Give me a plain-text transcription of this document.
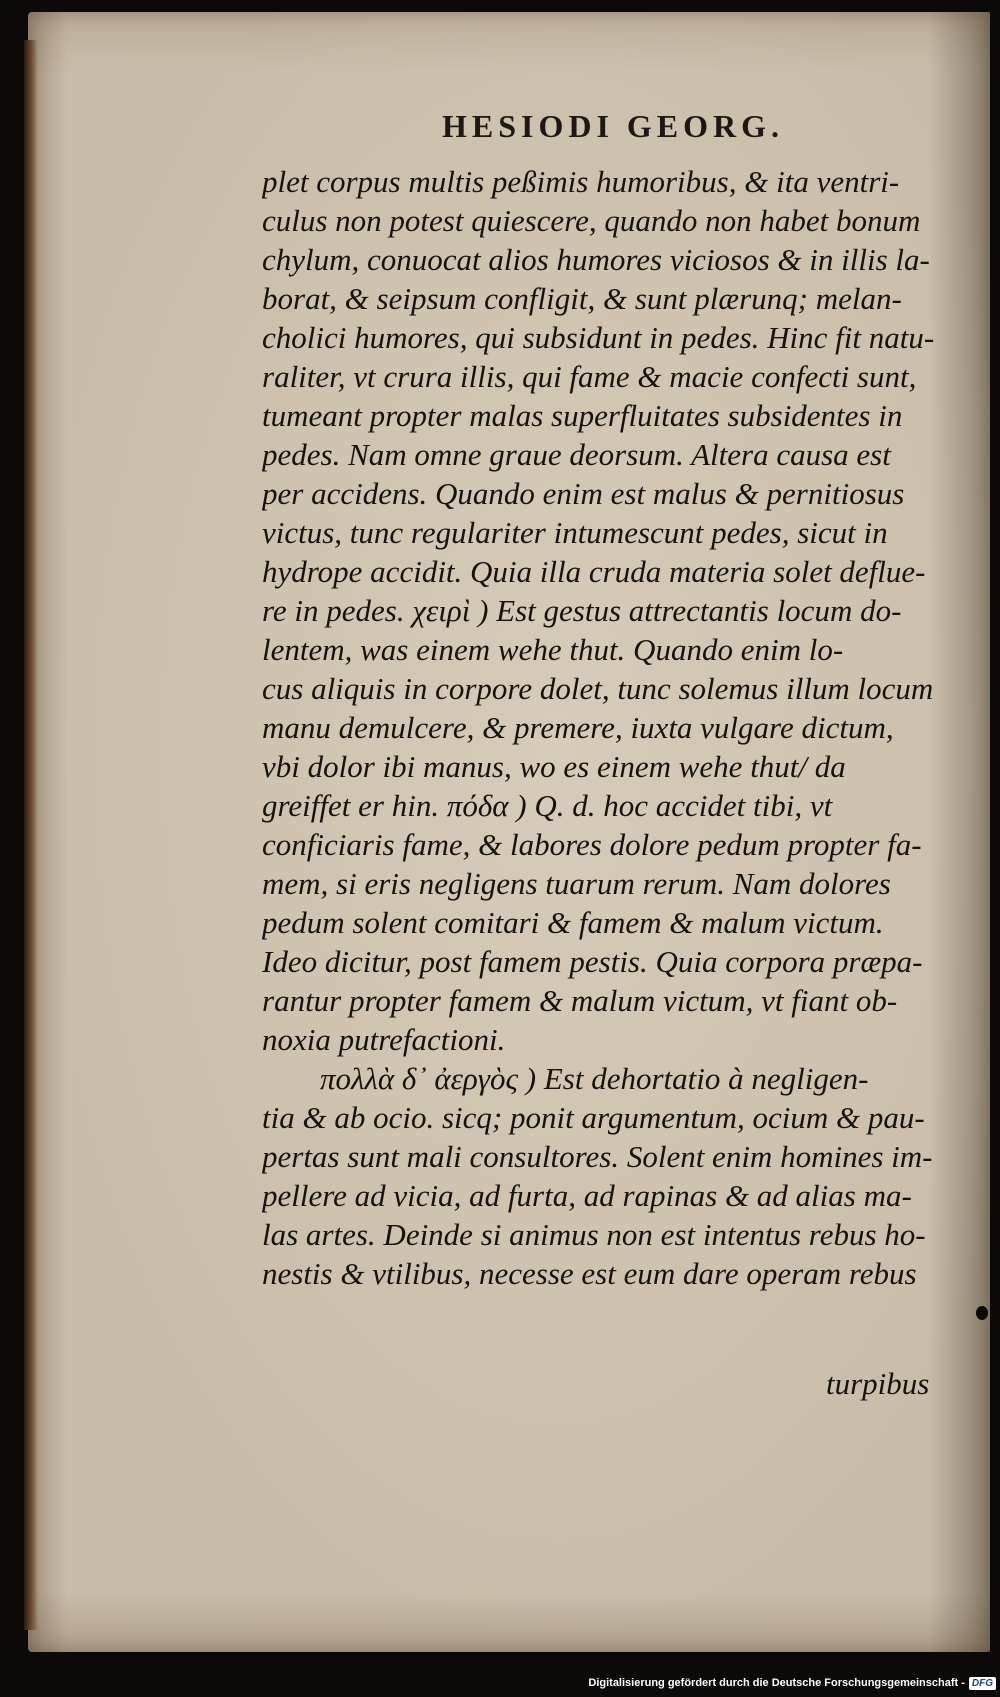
HESIODI GEORG.
plet corpus multis peßimis humoribus, & ita ventri-
culus non potest quiescere, quando non habet bonum
chylum, conuocat alios humores viciosos & in illis la-
borat, & seipsum confligit, & sunt plærunq; melan-
cholici humores, qui subsidunt in pedes. Hinc fit natu-
raliter, vt crura illis, qui fame & macie confecti sunt,
tumeant propter malas superfluitates subsidentes in
pedes. Nam omne graue deorsum. Altera causa est
per accidens. Quando enim est malus & pernitiosus
victus, tunc regulariter intumescunt pedes, sicut in
hydrope accidit. Quia illa cruda materia solet deflue-
re in pedes. χειρὶ ) Est gestus attrectantis locum do-
lentem, was einem wehe thut. Quando enim lo-
cus aliquis in corpore dolet, tunc solemus illum locum
manu demulcere, & premere, iuxta vulgare dictum,
vbi dolor ibi manus, wo es einem wehe thut/ da
greiffet er hin. πόδα ) Q. d. hoc accidet tibi, vt
conficiaris fame, & labores dolore pedum propter fa-
mem, si eris negligens tuarum rerum. Nam dolores
pedum solent comitari & famem & malum victum.
Ideo dicitur, post famem pestis. Quia corpora præpa-
rantur propter famem & malum victum, vt fiant ob-
noxia putrefactioni.
πολλὰ δ᾽ ἀεργὸς ) Est dehortatio à negligen-
tia & ab ocio. sicq; ponit argumentum, ocium & pau-
pertas sunt mali consultores. Solent enim homines im-
pellere ad vicia, ad furta, ad rapinas & ad alias ma-
las artes. Deinde si animus non est intentus rebus ho-
nestis & vtilibus, necesse est eum dare operam rebus
turpibus
Digitalisierung gefördert durch die Deutsche Forschungsgemeinschaft - DFG
